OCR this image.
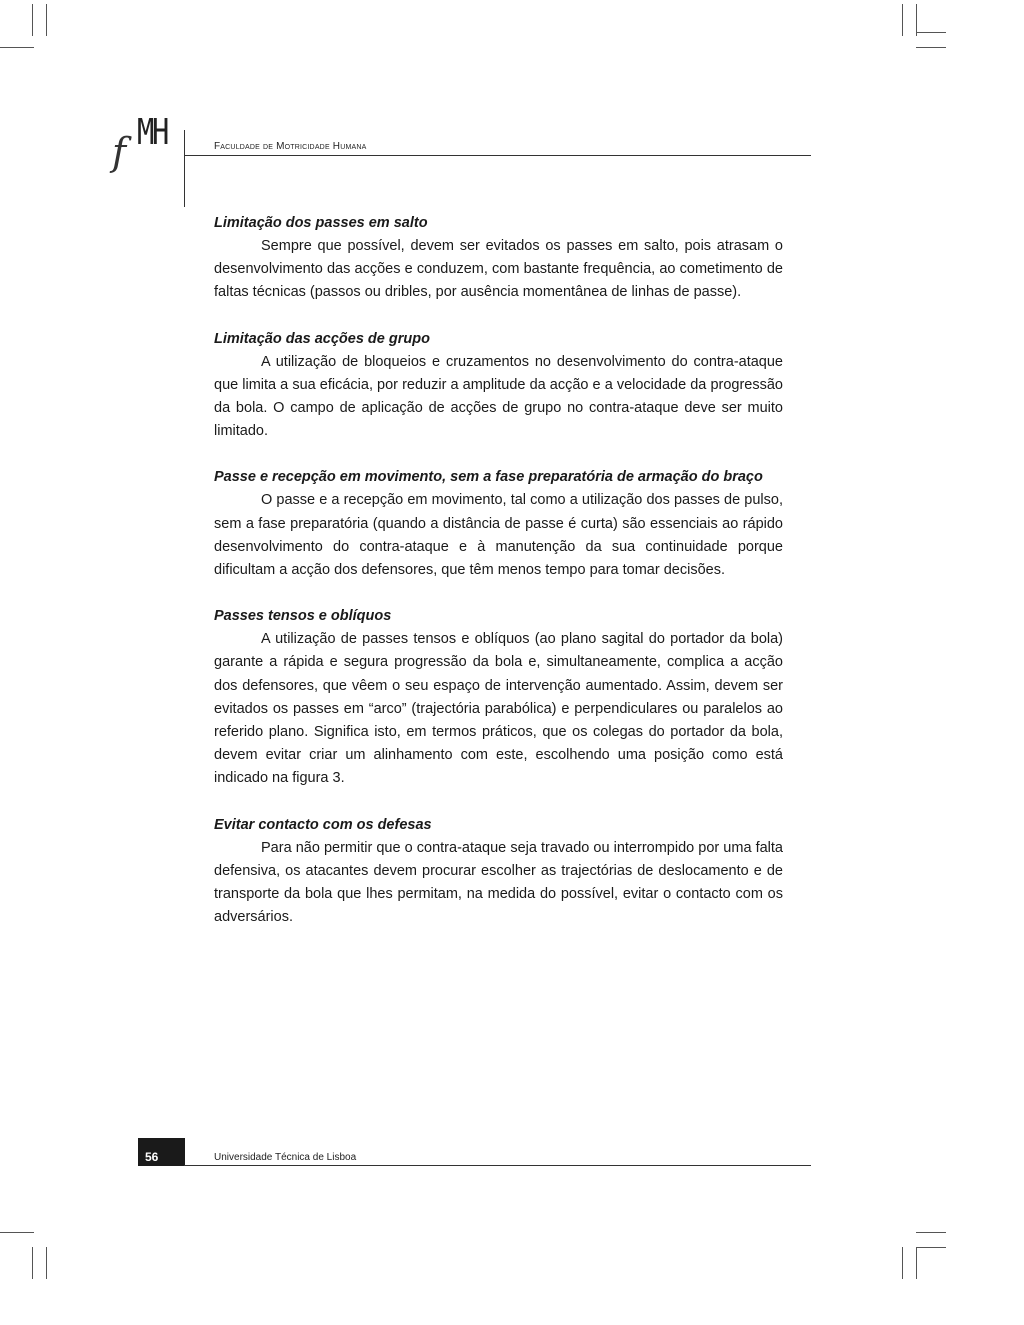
f MH	Faculdade de Motricidade Humana

Limitação dos passes em salto

Sempre que possível, devem ser evitados os passes em salto, pois atrasam o desenvolvimento das acções e conduzem, com bastante frequência, ao cometimento de faltas técnicas (passos ou dribles, por ausência momentânea de linhas de passe).

Limitação das acções de grupo

A utilização de bloqueios e cruzamentos no desenvolvimento do contra-ataque que limita a sua eficácia, por reduzir a amplitude da acção e a velocidade da progressão da bola. O campo de aplicação de acções de grupo no contra-ataque deve ser muito limitado.

Passe e recepção em movimento, sem a fase preparatória de armação do braço

O passe e a recepção em movimento, tal como a utilização dos passes de pulso, sem a fase preparatória (quando a distância de passe é curta) são essenciais ao rápido desenvolvimento do contra-ataque e à manutenção da sua continuidade porque dificultam a acção dos defensores, que têm menos tempo para tomar decisões.

Passes tensos e oblíquos

A utilização de passes tensos e oblíquos (ao plano sagital do portador da bola) garante a rápida e segura progressão da bola e, simultaneamente, complica a acção dos defensores, que vêem o seu espaço de intervenção aumentado. Assim, devem ser evitados os passes em “arco” (trajectória parabólica) e perpendiculares ou paralelos ao referido plano. Significa isto, em termos práticos, que os colegas do portador da bola, devem evitar criar um alinhamento com este, escolhendo uma posição como está indicado na figura 3.

Evitar contacto com os defesas

Para não permitir que o contra-ataque seja travado ou interrompido por uma falta defensiva, os atacantes devem procurar escolher as trajectórias de deslocamento e de transporte da bola que lhes permitam, na medida do possível, evitar o contacto com os adversários.

56	Universidade Técnica de Lisboa
